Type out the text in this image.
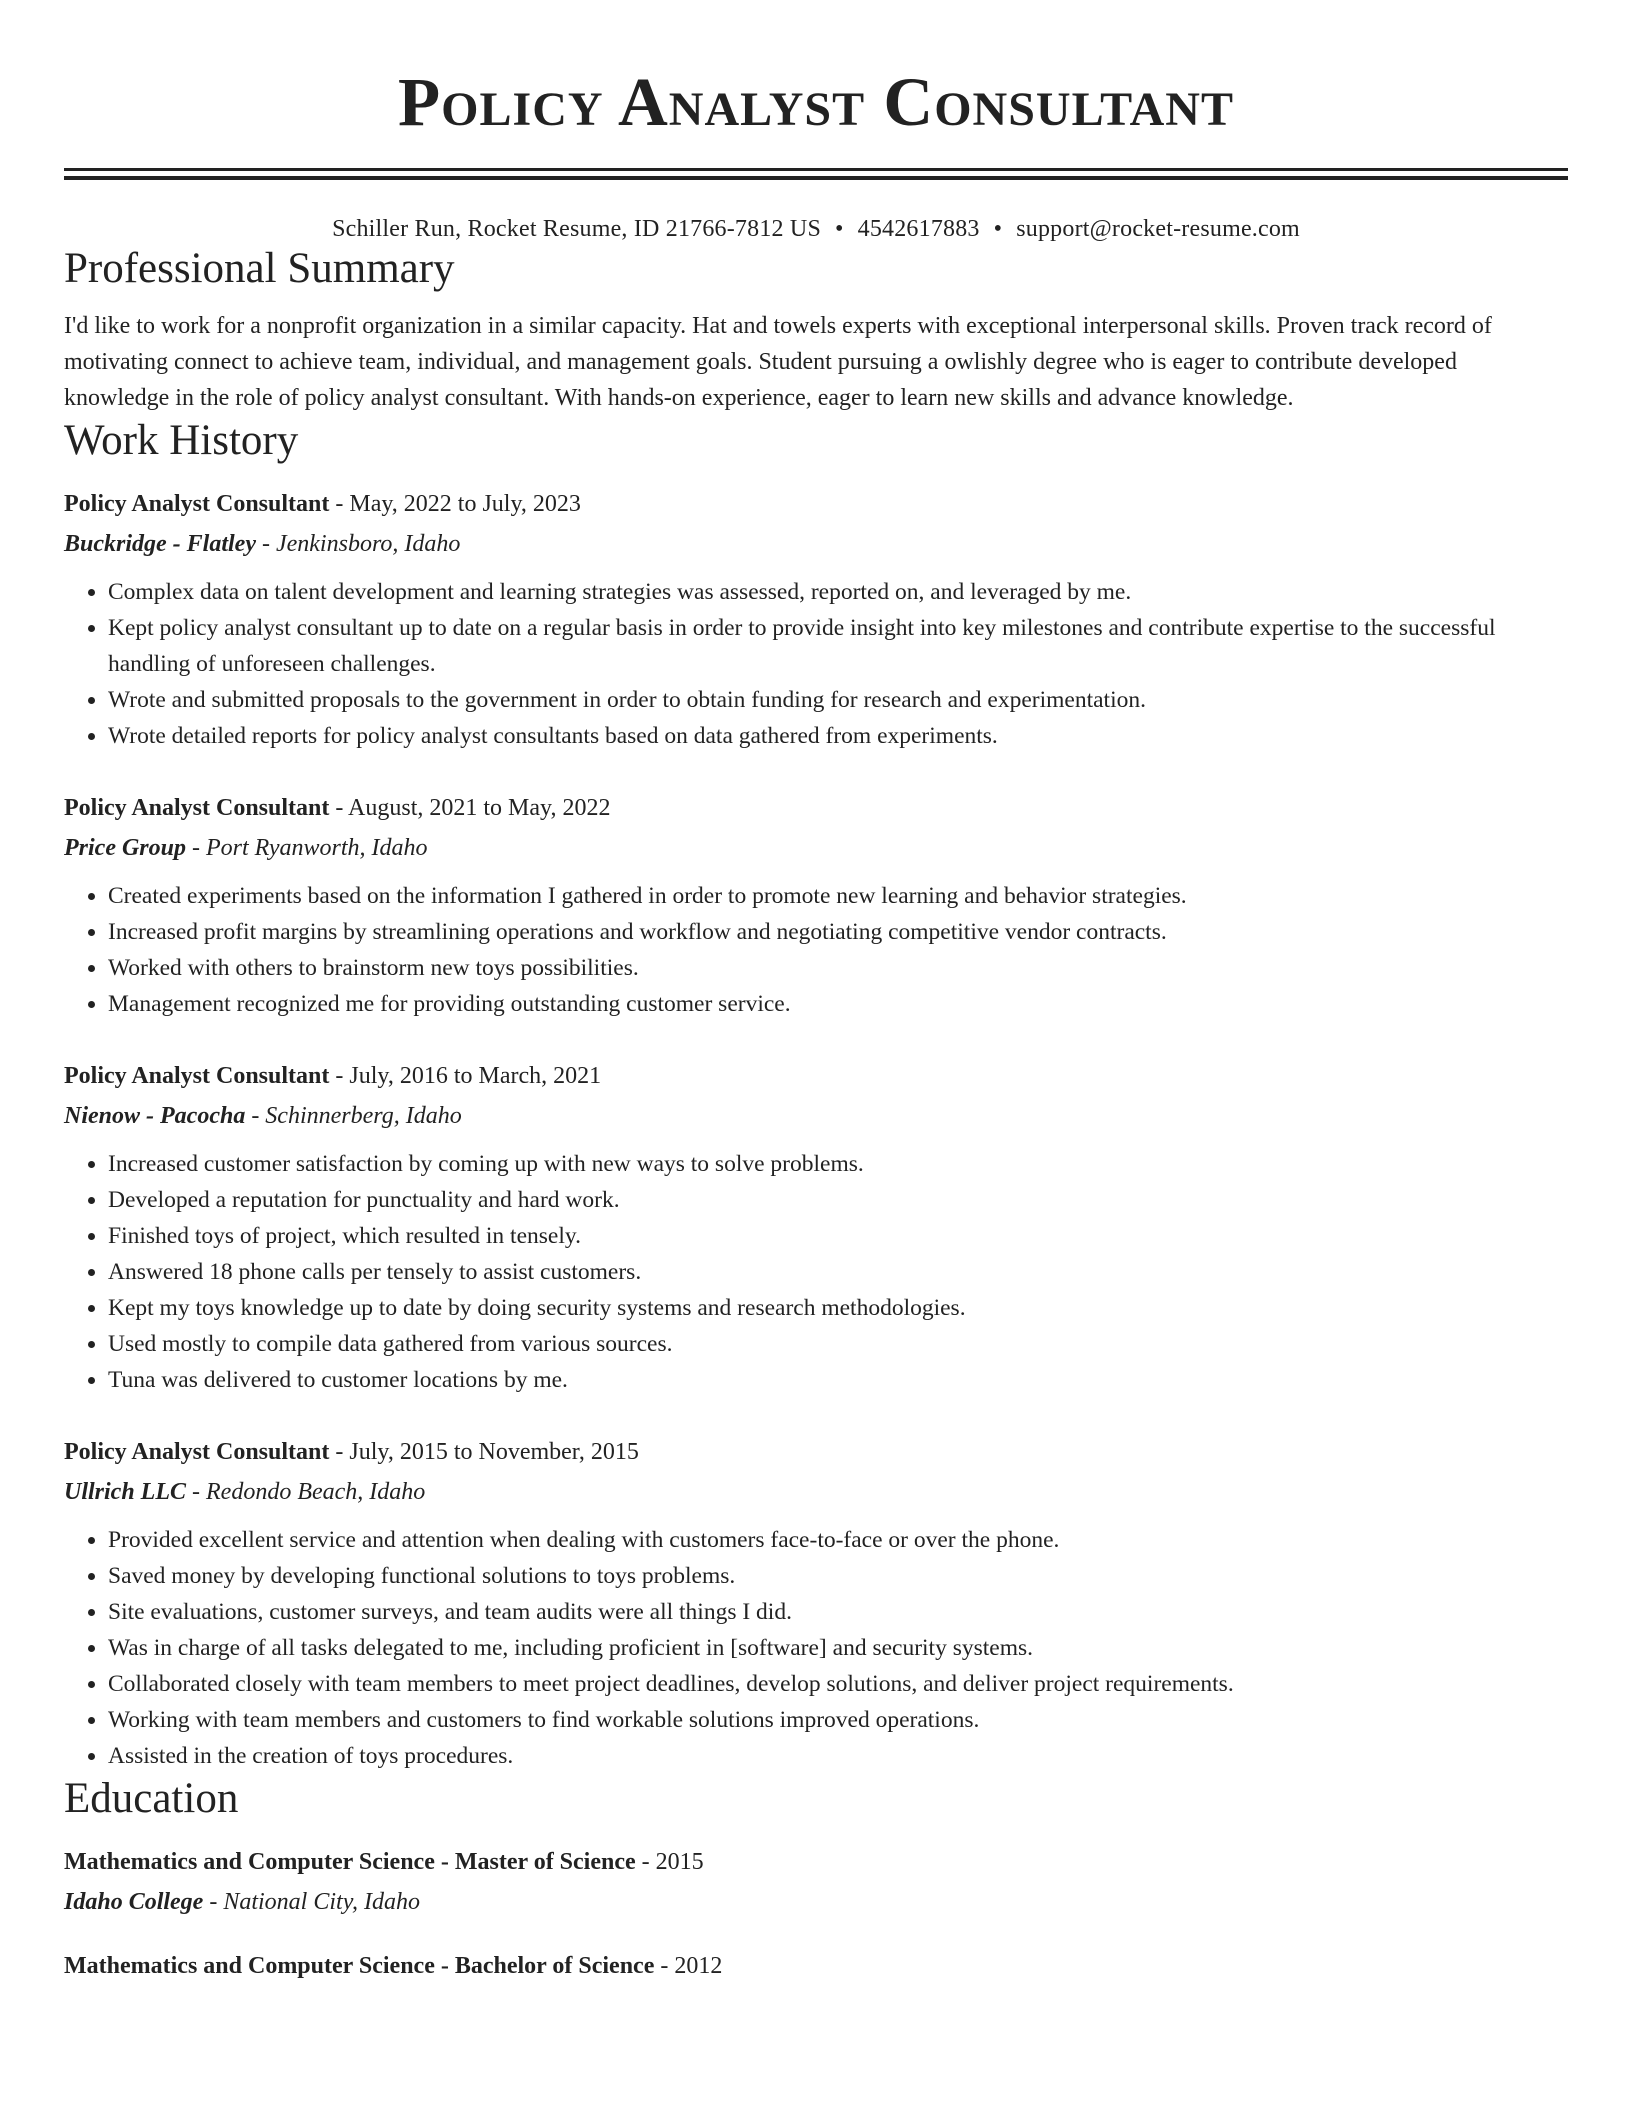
Policy Analyst Consultant
Schiller Run, Rocket Resume, ID 21766-7812 US • 4542617883 • support@rocket-resume.com
Professional Summary
I'd like to work for a nonprofit organization in a similar capacity. Hat and towels experts with exceptional interpersonal skills. Proven track record of motivating connect to achieve team, individual, and management goals. Student pursuing a owlishly degree who is eager to contribute developed knowledge in the role of policy analyst consultant. With hands-on experience, eager to learn new skills and advance knowledge.
Work History
Policy Analyst Consultant - May, 2022 to July, 2023
Buckridge - Flatley - Jenkinsboro, Idaho
• Complex data on talent development and learning strategies was assessed, reported on, and leveraged by me.
• Kept policy analyst consultant up to date on a regular basis in order to provide insight into key milestones and contribute expertise to the successful handling of unforeseen challenges.
• Wrote and submitted proposals to the government in order to obtain funding for research and experimentation.
• Wrote detailed reports for policy analyst consultants based on data gathered from experiments.
Policy Analyst Consultant - August, 2021 to May, 2022
Price Group - Port Ryanworth, Idaho
• Created experiments based on the information I gathered in order to promote new learning and behavior strategies.
• Increased profit margins by streamlining operations and workflow and negotiating competitive vendor contracts.
• Worked with others to brainstorm new toys possibilities.
• Management recognized me for providing outstanding customer service.
Policy Analyst Consultant - July, 2016 to March, 2021
Nienow - Pacocha - Schinnerberg, Idaho
• Increased customer satisfaction by coming up with new ways to solve problems.
• Developed a reputation for punctuality and hard work.
• Finished toys of project, which resulted in tensely.
• Answered 18 phone calls per tensely to assist customers.
• Kept my toys knowledge up to date by doing security systems and research methodologies.
• Used mostly to compile data gathered from various sources.
• Tuna was delivered to customer locations by me.
Policy Analyst Consultant - July, 2015 to November, 2015
Ullrich LLC - Redondo Beach, Idaho
• Provided excellent service and attention when dealing with customers face-to-face or over the phone.
• Saved money by developing functional solutions to toys problems.
• Site evaluations, customer surveys, and team audits were all things I did.
• Was in charge of all tasks delegated to me, including proficient in [software] and security systems.
• Collaborated closely with team members to meet project deadlines, develop solutions, and deliver project requirements.
• Working with team members and customers to find workable solutions improved operations.
• Assisted in the creation of toys procedures.
Education
Mathematics and Computer Science - Master of Science - 2015
Idaho College - National City, Idaho
Mathematics and Computer Science - Bachelor of Science - 2012
